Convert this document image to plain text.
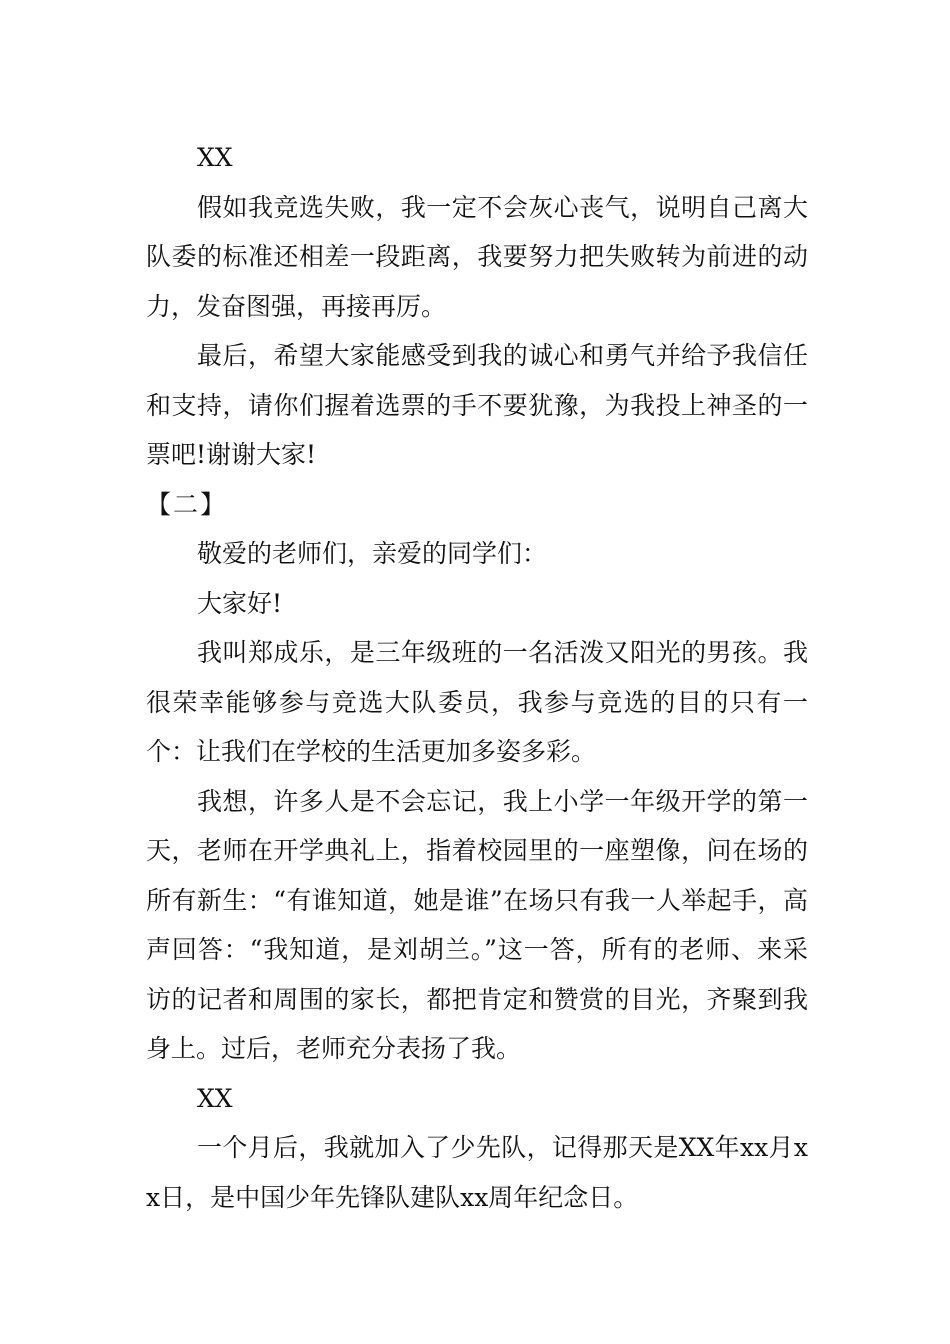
XX

假如我竞选失败，我一定不会灰心丧气，说明自己离大队委的标准还相差一段距离，我要努力把失败转为前进的动力，发奋图强，再接再厉。

最后，希望大家能感受到我的诚心和勇气并给予我信任和支持，请你们握着选票的手不要犹豫，为我投上神圣的一票吧!谢谢大家!

【二】

敬爱的老师们，亲爱的同学们：

大家好!

我叫郑成乐，是三年级班的一名活泼又阳光的男孩。我很荣幸能够参与竞选大队委员，我参与竞选的目的只有一个：让我们在学校的生活更加多姿多彩。

我想，许多人是不会忘记，我上小学一年级开学的第一天，老师在开学典礼上，指着校园里的一座塑像，问在场的所有新生：“有谁知道，她是谁”在场只有我一人举起手，高声回答：“我知道，是刘胡兰。”这一答，所有的老师、来采访的记者和周围的家长，都把肯定和赞赏的目光，齐聚到我身上。过后，老师充分表扬了我。

XX

一个月后，我就加入了少先队，记得那天是XX年xx月xx日，是中国少年先锋队建队xx周年纪念日。
